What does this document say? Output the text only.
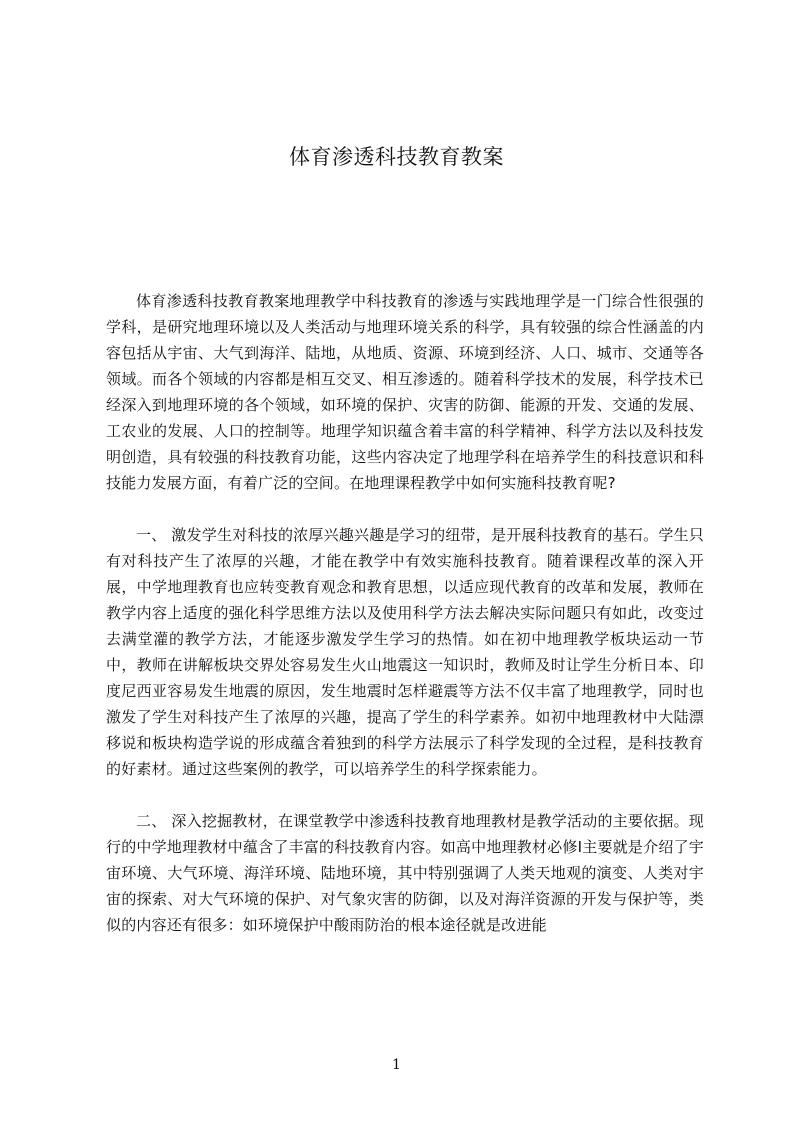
体育渗透科技教育教案

体育渗透科技教育教案地理教学中科技教育的渗透与实践地理学是一门综合性很强的学科，是研究地理环境以及人类活动与地理环境关系的科学，具有较强的综合性涵盖的内容包括从宇宙、大气到海洋、陆地，从地质、资源、环境到经济、人口、城市、交通等各领域。而各个领域的内容都是相互交叉、相互渗透的。随着科学技术的发展，科学技术已经深入到地理环境的各个领域，如环境的保护、灾害的防御、能源的开发、交通的发展、工农业的发展、人口的控制等。地理学知识蕴含着丰富的科学精神、科学方法以及科技发明创造，具有较强的科技教育功能，这些内容决定了地理学科在培养学生的科技意识和科技能力发展方面，有着广泛的空间。在地理课程教学中如何实施科技教育呢?

一、 激发学生对科技的浓厚兴趣兴趣是学习的纽带，是开展科技教育的基石。学生只有对科技产生了浓厚的兴趣，才能在教学中有效实施科技教育。随着课程改革的深入开展，中学地理教育也应转变教育观念和教育思想，以适应现代教育的改革和发展，教师在教学内容上适度的强化科学思维方法以及使用科学方法去解决实际问题只有如此，改变过去满堂灌的教学方法，才能逐步激发学生学习的热情。如在初中地理教学板块运动一节中，教师在讲解板块交界处容易发生火山地震这一知识时，教师及时让学生分析日本、印度尼西亚容易发生地震的原因，发生地震时怎样避震等方法不仅丰富了地理教学，同时也激发了学生对科技产生了浓厚的兴趣，提高了学生的科学素养。如初中地理教材中大陆漂移说和板块构造学说的形成蕴含着独到的科学方法展示了科学发现的全过程，是科技教育的好素材。通过这些案例的教学，可以培养学生的科学探索能力。

二、 深入挖掘教材，在课堂教学中渗透科技教育地理教材是教学活动的主要依据。现行的中学地理教材中蕴含了丰富的科技教育内容。如高中地理教材必修Ⅰ主要就是介绍了宇宙环境、大气环境、海洋环境、陆地环境，其中特别强调了人类天地观的演变、人类对宇宙的探索、对大气环境的保护、对气象灾害的防御，以及对海洋资源的开发与保护等，类似的内容还有很多：如环境保护中酸雨防治的根本途径就是改进能

1
